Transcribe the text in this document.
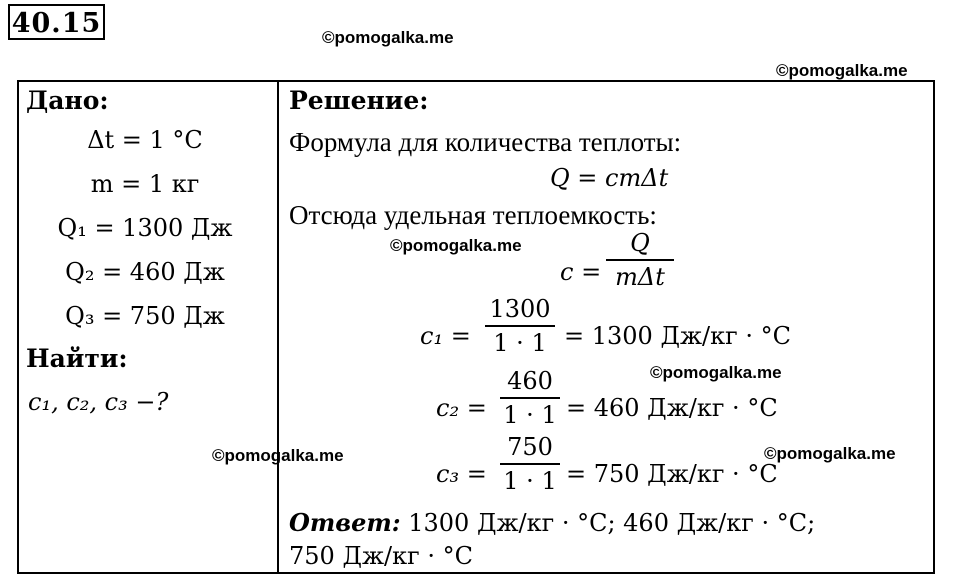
40.15	©pomogalka.me
©pomogalka.me
Дано:
Δt = 1 °C
m = 1 кг
Q₁ = 1300 Дж
Q₂ = 460 Дж
Q₃ = 750 Дж
Найти:
c₁, c₂, c₃ −?
©pomogalka.me
Решение:
Формула для количества теплоты:
Q = cmΔt
Отсюда удельная теплоемкость:
©pomogalka.me
c =
Q
mΔt
c₁ =
1300
1 · 1 = 1300 Дж/кг · °C
©pomogalka.me
c₂ =
460
1 · 1 = 460 Дж/кг · °C
©pomogalka.me
c₃ =
750
1 · 1 = 750 Дж/кг · °C
Ответ: 1300 Дж/кг · °C; 460 Дж/кг · °C;
750 Дж/кг · °C
